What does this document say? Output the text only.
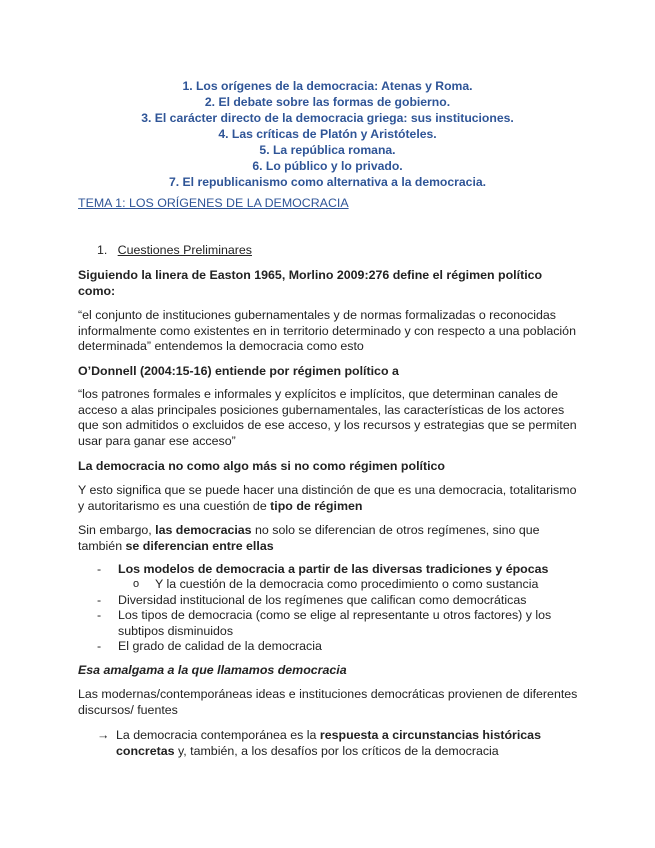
1. Los orígenes de la democracia: Atenas y Roma.
2. El debate sobre las formas de gobierno.
3. El carácter directo de la democracia griega: sus instituciones.
4. Las críticas de Platón y Aristóteles.
5. La república romana.
6. Lo público y lo privado.
7. El republicanismo como alternativa a la democracia.
TEMA 1: LOS ORÍGENES DE LA DEMOCRACIA
1. Cuestiones Preliminares
Siguiendo la linera de Easton 1965, Morlino 2009:276 define el régimen político como:
“el conjunto de instituciones gubernamentales y de normas formalizadas o reconocidas informalmente como existentes en in territorio determinado y con respecto a una población determinada” entendemos la democracia como esto
O’Donnell (2004:15-16) entiende por régimen político a
“los patrones formales e informales y explícitos e implícitos, que determinan canales de acceso a alas principales posiciones gubernamentales, las características de los actores que son admitidos o excluidos de ese acceso, y los recursos y estrategias que se permiten usar para ganar ese acceso”
La democracia no como algo más si no como régimen político
Y esto significa que se puede hacer una distinción de que es una democracia, totalitarismo y autoritarismo es una cuestión de tipo de régimen
Sin embargo, las democracias no solo se diferencian de otros regímenes, sino que también se diferencian entre ellas
- Los modelos de democracia a partir de las diversas tradiciones y épocas
o Y la cuestión de la democracia como procedimiento o como sustancia
- Diversidad institucional de los regímenes que califican como democráticas
- Los tipos de democracia (como se elige al representante u otros factores) y los subtipos disminuidos
- El grado de calidad de la democracia
Esa amalgama a la que llamamos democracia
Las modernas/contemporáneas ideas e instituciones democráticas provienen de diferentes discursos/ fuentes
→ La democracia contemporánea es la respuesta a circunstancias históricas concretas y, también, a los desafíos por los críticos de la democracia
